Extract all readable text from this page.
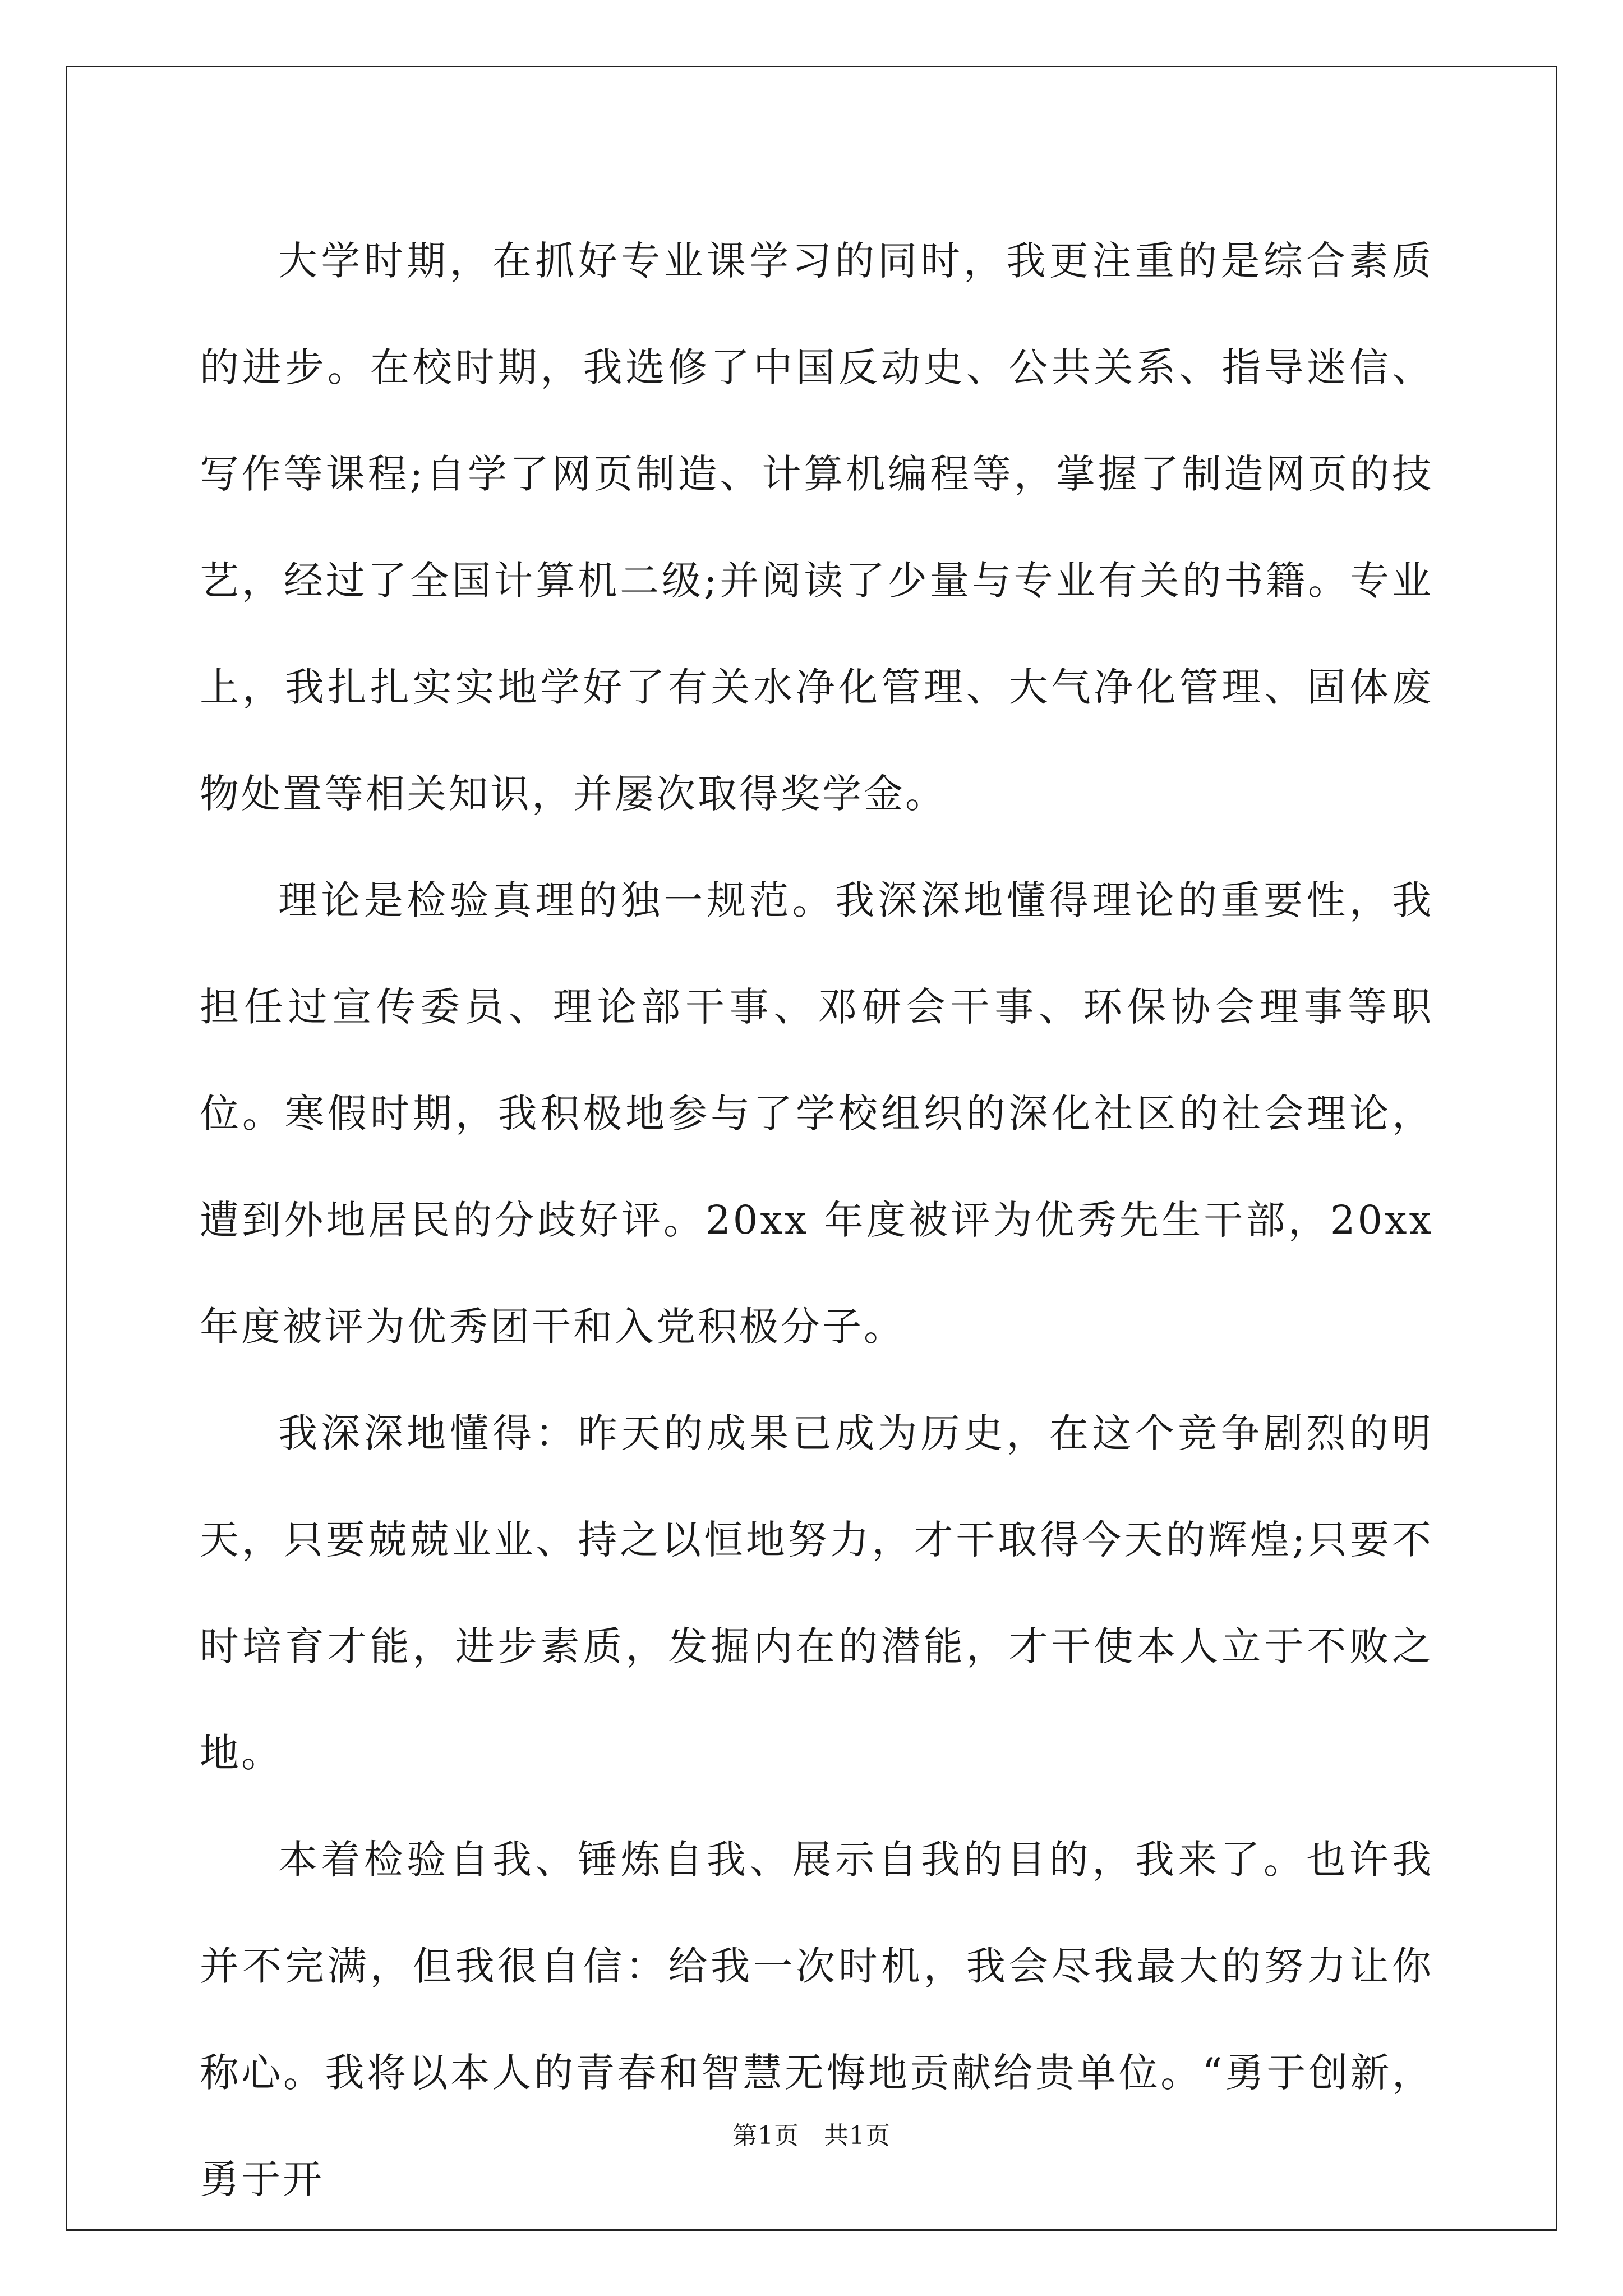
大学时期，在抓好专业课学习的同时，我更注重的是综合素质的进步。在校时期，我选修了中国反动史、公共关系、指导迷信、写作等课程;自学了网页制造、计算机编程等，掌握了制造网页的技艺，经过了全国计算机二级;并阅读了少量与专业有关的书籍。专业上，我扎扎实实地学好了有关水净化管理、大气净化管理、固体废物处置等相关知识，并屡次取得奖学金。

理论是检验真理的独一规范。我深深地懂得理论的重要性，我担任过宣传委员、理论部干事、邓研会干事、环保协会理事等职位。寒假时期，我积极地参与了学校组织的深化社区的社会理论，遭到外地居民的分歧好评。20xx 年度被评为优秀先生干部，20xx 年度被评为优秀团干和入党积极分子。

我深深地懂得：昨天的成果已成为历史，在这个竞争剧烈的明天，只要兢兢业业、持之以恒地努力，才干取得今天的辉煌;只要不时培育才能，进步素质，发掘内在的潜能，才干使本人立于不败之地。

本着检验自我、锤炼自我、展示自我的目的，我来了。也许我并不完满，但我很自信：给我一次时机，我会尽我最大的努力让你称心。我将以本人的青春和智慧无悔地贡献给贵单位。“勇于创新，勇于开

第1页 共1页
